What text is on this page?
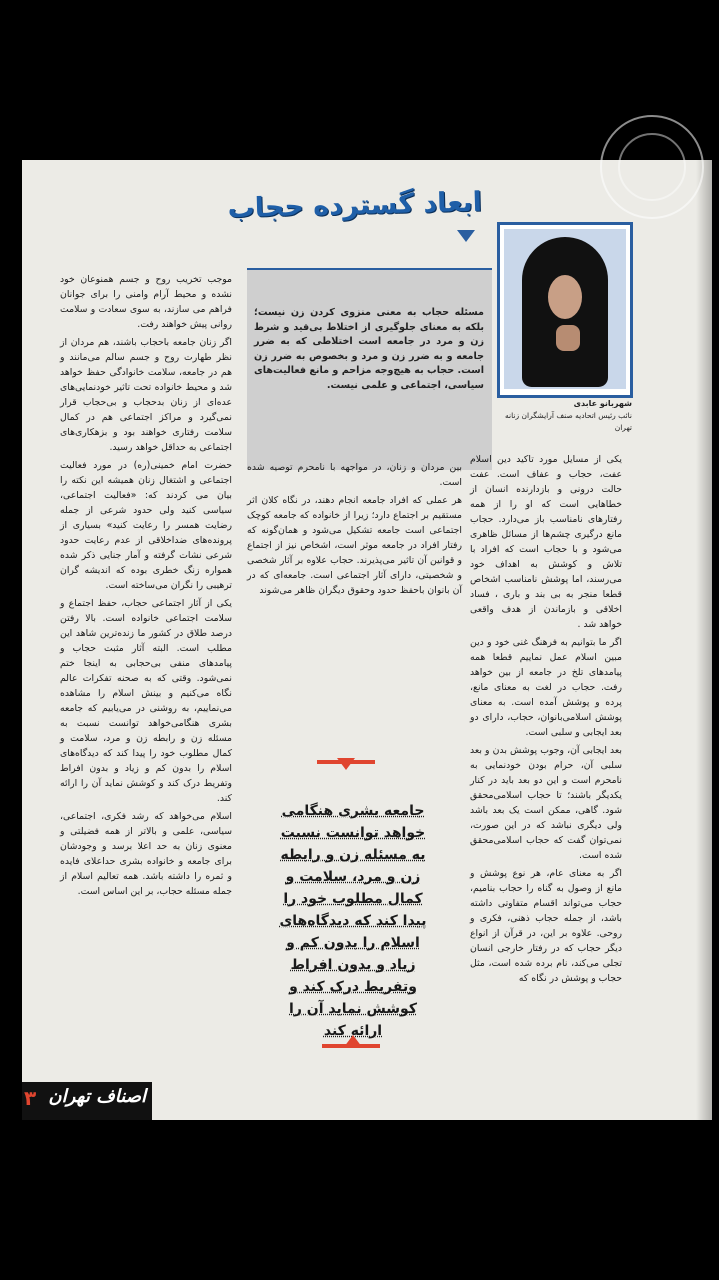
ابعاد گسترده حجاب
مسئله حجاب به معنی منزوی کردن زن نیست؛ بلکه به معنای جلوگیری از اختلاط بی‌قید و شرط زن و مرد در جامعه است اختلاطی که به ضرر جامعه و به ضرر زن و مرد و بخصوص به ضرر زن است. حجاب به هیچ‌وجه مزاحم و مانع فعالیت‌های سیاسی، اجتماعی و علمی نیست.
شهربانو عابدی
نائب رئیس اتحادیه صنف آرایشگران زنانه تهران

یکی از مسایل مورد تاکید دین اسلام عفت، حجاب و عفاف است. عفت حالت درونی و بازدارنده انسان از خطاهایی است که او را از همه رفتارهای نامناسب باز می‌دارد. حجاب مانع درگیری چشم‌ها از مسائل ظاهری می‌شود و با حجاب است که افراد با تلاش و کوشش به اهداف خود می‌رسند، اما پوشش نامناسب اشخاص قطعا منجر به بی بند و باری ، فساد اخلاقی و بازماندن از هدف واقعی خواهد شد .

اگر ما بتوانیم به فرهنگ غنی خود و دین مبین اسلام عمل نماییم قطعا همه پیامدهای تلخ در جامعه از بین خواهد رفت. حجاب در لغت به معنای مانع، پرده و پوشش آمده است. به معنای پوشش اسلامی‌بانوان، حجاب، دارای دو بعد ایجابی و سلبی است.

بعد ایجابی آن، وجوب پوشش بدن و بعد سلبی آن، حرام بودن خودنمایی به نامحرم است و این دو بعد باید در کنار یکدیگر باشند؛ تا حجاب اسلامی‌محقق شود. گاهی، ممکن است یک بعد باشد ولی دیگری نباشد که در این صورت، نمی‌توان گفت که حجاب اسلامی‌محقق شده است.

اگر به معنای عام، هر نوع پوشش و مانع از وصول به گناه را حجاب بنامیم، حجاب می‌تواند اقسام متفاوتی داشته باشد، از جمله حجاب ذهنی، فکری و روحی. علاوه بر این، در قرآن از انواع دیگر حجاب که در رفتار خارجی انسان تجلی می‌کند، نام برده شده است، مثل حجاب و پوشش در نگاه که

بین مردان و زنان، در مواجهه با نامحرم توصیه شده است.

هر عملی که افراد جامعه انجام دهند، در نگاه کلان اثر مستقیم بر اجتماع دارد؛ زیرا از خانواده که جامعه کوچک اجتماعی است جامعه تشکیل می‌شود و همان‌گونه که رفتار افراد در جامعه موثر است، اشخاص نیز از اجتماع و قوانین آن تاثیر می‌پذیرند. حجاب علاوه بر آثار شخصی و شخصیتی، دارای آثار اجتماعی است. جامعه‌ای که در آن بانوان باحفظ حدود وحقوق دیگران ظاهر می‌شوند

موجب تخریب روح و جسم همنوعان خود نشده و محیط آرام وامنی را برای جوانان فراهم می سازند، به سوی سعادت و سلامت روانی پیش خواهند رفت.

اگر زنان جامعه باحجاب باشند، هم مردان از نظر طهارت روح و جسم سالم می‌مانند و هم در جامعه، سلامت خانوادگی حفظ خواهد شد و محیط خانواده تحت تاثیر خودنمایی‌های عده‌ای از زنان بدحجاب و بی‌حجاب قرار نمی‌گیرد و مراکز اجتماعی هم در کمال سلامت رفتاری خواهند بود و بزهکاری‌های اجتماعی به حداقل خواهد رسید.

حضرت امام خمینی(ره) در مورد فعالیت اجتماعی و اشتغال زنان همیشه این نکته را بیان می کردند که: «فعالیت اجتماعی، سیاسی کنید ولی حدود شرعی از جمله رضایت همسر را رعایت کنید» بسیاری از پرونده‌های ضداخلاقی از عدم رعایت حدود شرعی نشات گرفته و آمار جنایی ذکر شده همواره زنگ خطری بوده که اندیشه گران ترهیبی را نگران می‌ساخته است.

یکی از آثار اجتماعی حجاب، حفظ اجتماع و سلامت اجتماعی خانواده است. بالا رفتن درصد طلاق در کشور ما زنده‌ترین شاهد این مطلب است. البته آثار مثبت حجاب و پیامدهای منفی بی‌حجابی به اینجا ختم نمی‌شود. وقتی که به صحنه تفکرات عالم نگاه می‌کنیم و بینش اسلام را مشاهده می‌نماییم، به روشنی در می‌یابیم که جامعه بشری هنگامی‌خواهد توانست نسبت به مسئله زن و رابطه زن و مرد، سلامت و کمال مطلوب خود را پیدا کند که دیدگاه‌های اسلام را بدون کم و زیاد و بدون افراط وتفریط درک کند و کوشش نماید آن را ارائه کند.

اسلام می‌خواهد که رشد فکری، اجتماعی، سیاسی، علمی و بالاتر از همه فضیلتی و معنوی زنان به حد اعلا برسد و وجودشان برای جامعه و خانواده بشری حداعلای فایده و ثمره را داشته باشد. همه تعالیم اسلام از جمله مسئله حجاب، بر این اساس است.

جامعه بشری هنگامی خواهد توانست نسبت به مسئله زن و رابطه زن و مرد، سلامت و کمال مطلوب خود را پیدا کند که دیدگاه‌های اسلام را بدون کم و زیاد و بدون افراط وتفریط درک کند و کوشش نماید آن را ارائه کند
۳ اصناف تهران
